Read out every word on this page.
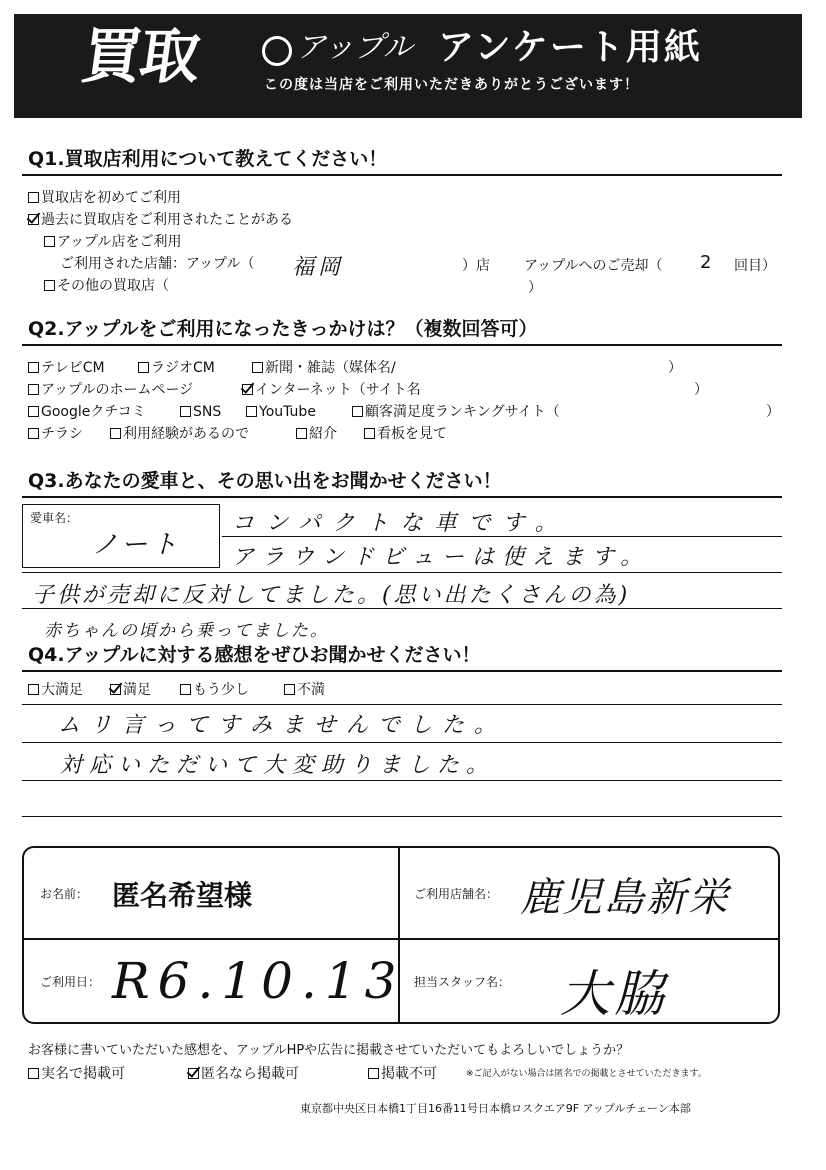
買取	アップル アンケート用紙
この度は当店をご利用いただきありがとうございます！
Q1.買取店利用について教えてください！
買取店を初めてご利用
過去に買取店をご利用されたことがある
アップル店をご利用
ご利用された店舗：アップル（ 福岡	）店 アップルへのご売却（ 2 回目）
その他の買取店（	）
Q2.アップルをご利用になったきっかけは？（複数回答可）
テレビCM	ラジオCM	新聞・雑誌（媒体名/	）
アップルのホームページ	インターネット（サイト名	）
Googleクチコミ	SNS	YouTube	顧客満足度ランキングサイト（	）
チラシ	利用経験があるので	紹介	看板を見て
Q3.あなたの愛車と、その思い出をお聞かせください！
愛車名：
ノート
コンパクトな車です。
アラウンドビューは使えます。
子供が売却に反対してました。(思い出たくさんの為)
赤ちゃんの頃から乗ってました。
Q4.アップルに対する感想をぜひお聞かせください！
大満足	満足	もう少し	不満
ムリ言ってすみませんでした。
対応いただいて大変助りました。
お名前： 匿名希望様	ご利用店舗名： 鹿児島新栄
ご利用日： R6.10.13 担当スタッフ名： 大脇
お客様に書いていただいた感想を、アップルHPや広告に掲載させていただいてもよろしいでしょうか？
実名で掲載可	匿名なら掲載可	掲載不可	※ご記入がない場合は匿名での掲載とさせていただきます。
東京都中央区日本橋1丁目16番11号日本橋ロスクエア9F アップルチェーン本部
